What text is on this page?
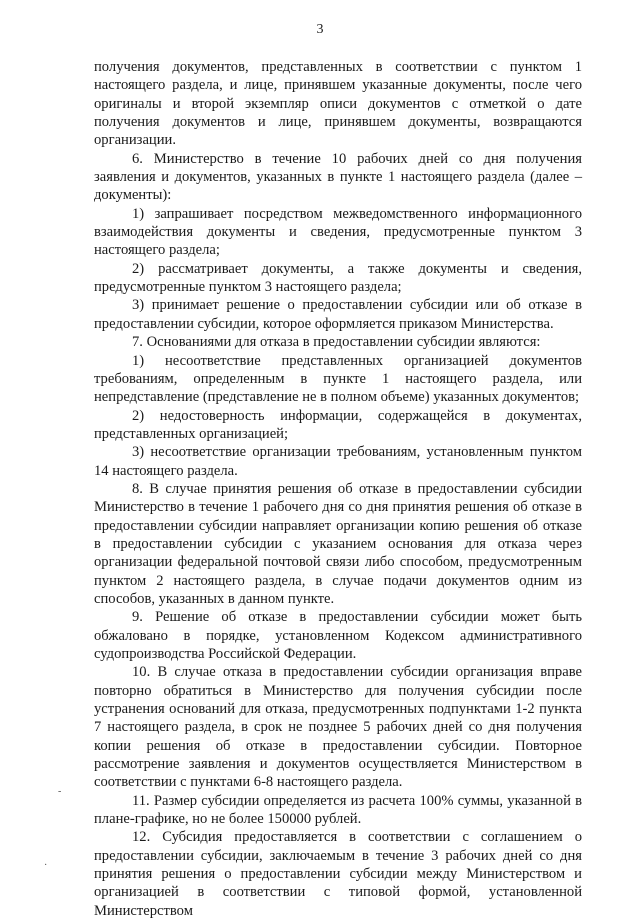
3

получения документов, представленных в соответствии с пунктом 1 настоящего раздела, и лице, принявшем указанные документы, после чего оригиналы и второй экземпляр описи документов с отметкой о дате получения документов и лице, принявшем документы, возвращаются организации.

6. Министерство в течение 10 рабочих дней со дня получения заявления и документов, указанных в пункте 1 настоящего раздела (далее – документы):

1) запрашивает посредством межведомственного информационного взаимодействия документы и сведения, предусмотренные пунктом 3 настоящего раздела;

2) рассматривает документы, а также документы и сведения, предусмотренные пунктом 3 настоящего раздела;

3) принимает решение о предоставлении субсидии или об отказе в предоставлении субсидии, которое оформляется приказом Министерства.

7. Основаниями для отказа в предоставлении субсидии являются:

1) несоответствие представленных организацией документов требованиям, определенным в пункте 1 настоящего раздела, или непредставление (представление не в полном объеме) указанных документов;

2) недостоверность информации, содержащейся в документах, представленных организацией;

3) несоответствие организации требованиям, установленным пунктом 14 настоящего раздела.

8. В случае принятия решения об отказе в предоставлении субсидии Министерство в течение 1 рабочего дня со дня принятия решения об отказе в предоставлении субсидии направляет организации копию решения об отказе в предоставлении субсидии с указанием основания для отказа через организации федеральной почтовой связи либо способом, предусмотренным пунктом 2 настоящего раздела, в случае подачи документов одним из способов, указанных в данном пункте.

9. Решение об отказе в предоставлении субсидии может быть обжаловано в порядке, установленном Кодексом административного судопроизводства Российской Федерации.

10. В случае отказа в предоставлении субсидии организация вправе повторно обратиться в Министерство для получения субсидии после устранения оснований для отказа, предусмотренных подпунктами 1-2 пункта 7 настоящего раздела, в срок не позднее 5 рабочих дней со дня получения копии решения об отказе в предоставлении субсидии. Повторное рассмотрение заявления и документов осуществляется Министерством в соответствии с пунктами 6-8 настоящего раздела.

11. Размер субсидии определяется из расчета 100% суммы, указанной в плане-графике, но не более 150000 рублей.

12. Субсидия предоставляется в соответствии с соглашением о предоставлении субсидии, заключаемым в течение 3 рабочих дней со дня принятия решения о предоставлении субсидии между Министерством и организацией в соответствии с типовой формой, установленной Министерством

-
·
